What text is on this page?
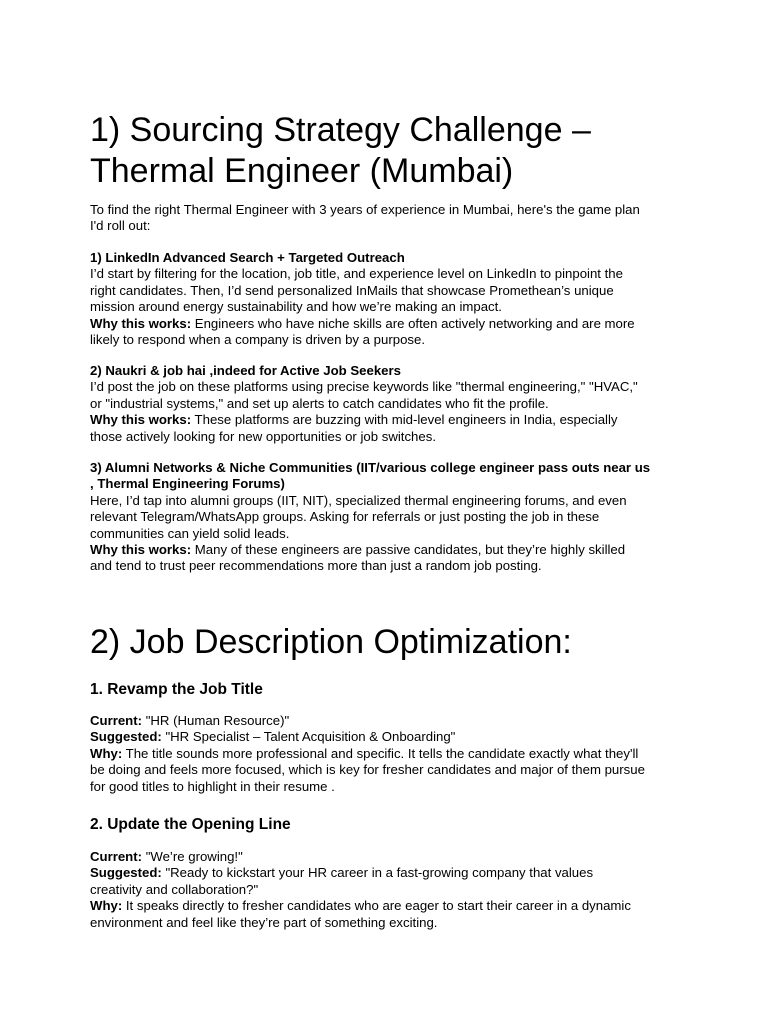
1) Sourcing Strategy Challenge –
Thermal Engineer (Mumbai)

To find the right Thermal Engineer with 3 years of experience in Mumbai, here's the game plan
I'd roll out:

1) LinkedIn Advanced Search + Targeted Outreach
I’d start by filtering for the location, job title, and experience level on LinkedIn to pinpoint the
right candidates. Then, I’d send personalized InMails that showcase Promethean’s unique
mission around energy sustainability and how we’re making an impact.
Why this works: Engineers who have niche skills are often actively networking and are more
likely to respond when a company is driven by a purpose.

2) Naukri & job hai ,indeed for Active Job Seekers
I’d post the job on these platforms using precise keywords like "thermal engineering," "HVAC,"
or "industrial systems," and set up alerts to catch candidates who fit the profile.
Why this works: These platforms are buzzing with mid-level engineers in India, especially
those actively looking for new opportunities or job switches.

3) Alumni Networks & Niche Communities (IIT/various college engineer pass outs near us
, Thermal Engineering Forums)
Here, I’d tap into alumni groups (IIT, NIT), specialized thermal engineering forums, and even
relevant Telegram/WhatsApp groups. Asking for referrals or just posting the job in these
communities can yield solid leads.
Why this works: Many of these engineers are passive candidates, but they’re highly skilled
and tend to trust peer recommendations more than just a random job posting.

2) Job Description Optimization:
1. Revamp the Job Title

Current: "HR (Human Resource)"
Suggested: "HR Specialist – Talent Acquisition & Onboarding"
Why: The title sounds more professional and specific. It tells the candidate exactly what they'll
be doing and feels more focused, which is key for fresher candidates and major of them pursue
for good titles to highlight in their resume .

2. Update the Opening Line

Current: "We’re growing!"
Suggested: "Ready to kickstart your HR career in a fast-growing company that values
creativity and collaboration?"
Why: It speaks directly to fresher candidates who are eager to start their career in a dynamic
environment and feel like they’re part of something exciting.
